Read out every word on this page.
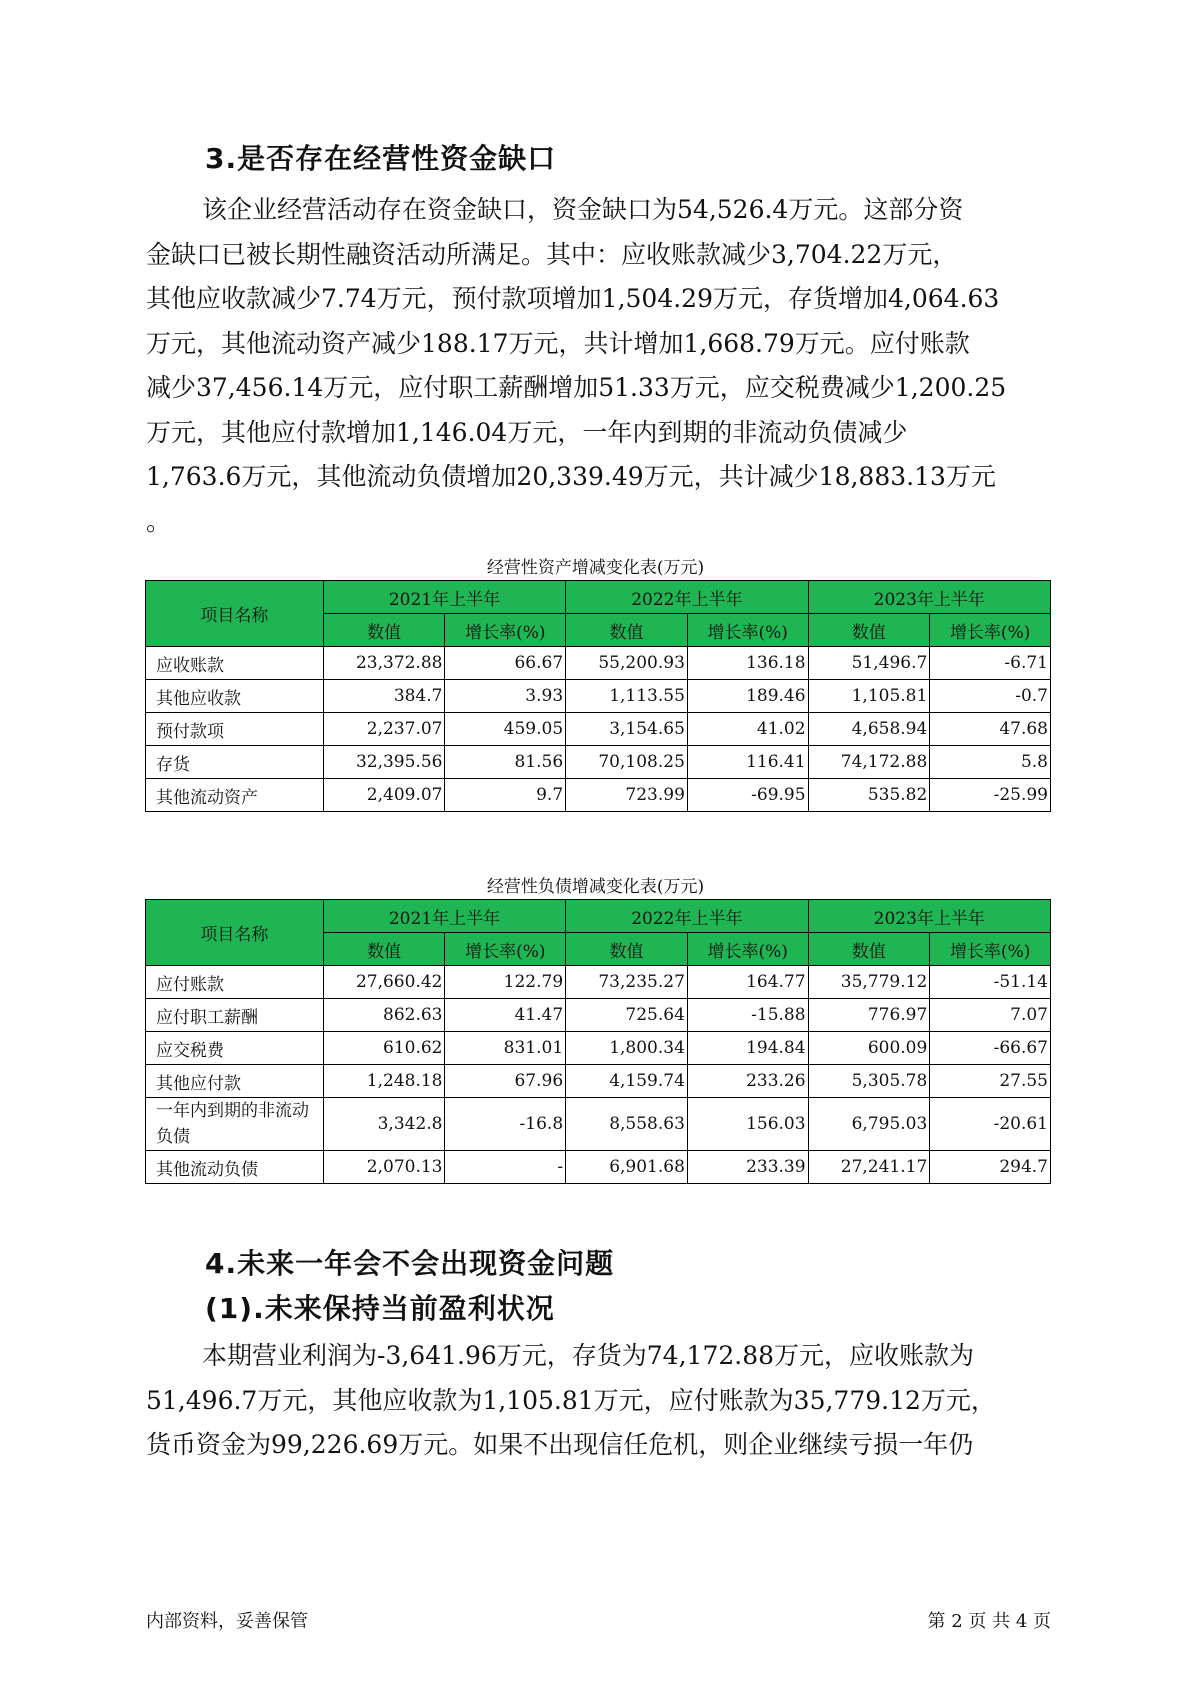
3.是否存在经营性资金缺口
该企业经营活动存在资金缺口，资金缺口为54,526.4万元。这部分资
金缺口已被长期性融资活动所满足。其中：应收账款减少3,704.22万元，
其他应收款减少7.74万元，预付款项增加1,504.29万元，存货增加4,064.63
万元，其他流动资产减少188.17万元，共计增加1,668.79万元。应付账款
减少37,456.14万元，应付职工薪酬增加51.33万元，应交税费减少1,200.25
万元，其他应付款增加1,146.04万元，一年内到期的非流动负债减少
1,763.6万元，其他流动负债增加20,339.49万元，共计减少18,883.13万元
。
经营性资产增减变化表(万元)
项目名称	2021年上半年		2022年上半年		2023年上半年	
	数值	增长率(%)	数值	增长率(%)	数值	增长率(%)
应收账款	23,372.88	66.67	55,200.93	136.18	51,496.7	-6.71
其他应收款	384.7	3.93	1,113.55	189.46	1,105.81	-0.7
预付款项	2,237.07	459.05	3,154.65	41.02	4,658.94	47.68
存货	32,395.56	81.56	70,108.25	116.41	74,172.88	5.8
其他流动资产	2,409.07	9.7	723.99	-69.95	535.82	-25.99
经营性负债增减变化表(万元)
项目名称	2021年上半年		2022年上半年		2023年上半年	
	数值	增长率(%)	数值	增长率(%)	数值	增长率(%)
应付账款	27,660.42	122.79	73,235.27	164.77	35,779.12	-51.14
应付职工薪酬	862.63	41.47	725.64	-15.88	776.97	7.07
应交税费	610.62	831.01	1,800.34	194.84	600.09	-66.67
其他应付款	1,248.18	67.96	4,159.74	233.26	5,305.78	27.55
一年内到期的非流动负债	3,342.8	-16.8	8,558.63	156.03	6,795.03	-20.61
其他流动负债	2,070.13	-	6,901.68	233.39	27,241.17	294.7
4.未来一年会不会出现资金问题
(1).未来保持当前盈利状况
本期营业利润为-3,641.96万元，存货为74,172.88万元，应收账款为
51,496.7万元，其他应收款为1,105.81万元，应付账款为35,779.12万元，
货币资金为99,226.69万元。如果不出现信任危机，则企业继续亏损一年仍
内部资料，妥善保管	第 2 页 共 4 页
